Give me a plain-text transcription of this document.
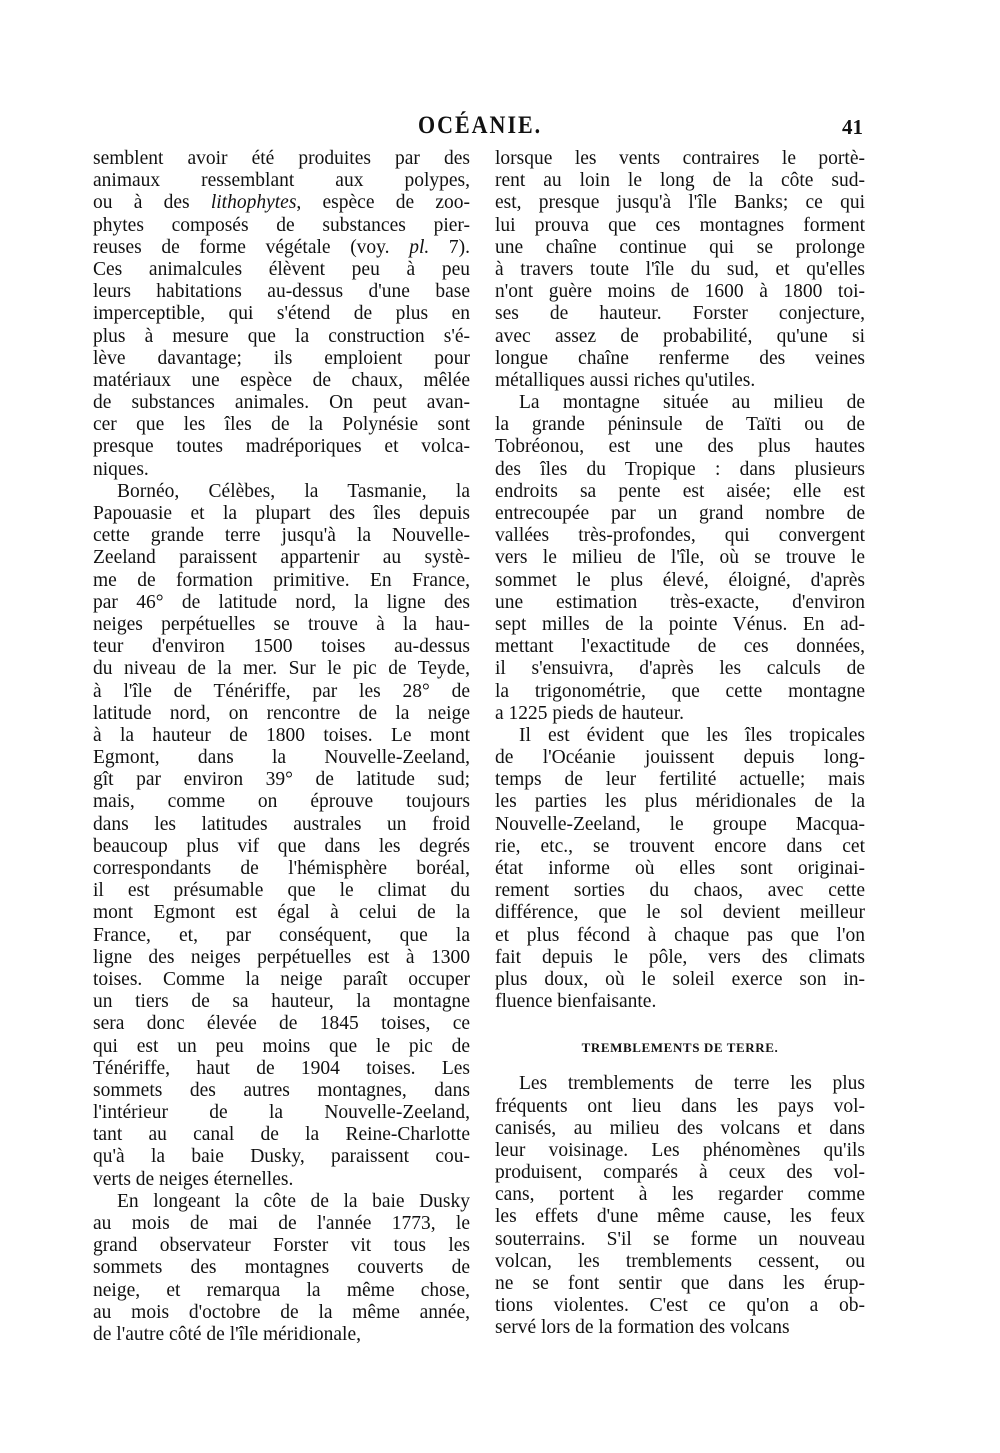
OCÉANIE.	41
semblent avoir été produites par des
animaux ressemblant aux polypes,
ou à des lithophytes, espèce de zoo-
phytes composés de substances pier-
reuses de forme végétale (voy. pl. 7).
Ces animalcules élèvent peu à peu
leurs habitations au-dessus d'une base
imperceptible, qui s'étend de plus en
plus à mesure que la construction s'é-
lève davantage; ils emploient pour
matériaux une espèce de chaux, mêlée
de substances animales. On peut avan-
cer que les îles de la Polynésie sont
presque toutes madréporiques et volca-
niques.
Bornéo, Célèbes, la Tasmanie, la
Papouasie et la plupart des îles depuis
cette grande terre jusqu'à la Nouvelle-
Zeeland paraissent appartenir au systè-
me de formation primitive. En France,
par 46° de latitude nord, la ligne des
neiges perpétuelles se trouve à la hau-
teur d'environ 1500 toises au-dessus
du niveau de la mer. Sur le pic de Teyde,
à l'île de Ténériffe, par les 28° de
latitude nord, on rencontre de la neige
à la hauteur de 1800 toises. Le mont
Egmont, dans la Nouvelle-Zeeland,
gît par environ 39° de latitude sud;
mais, comme on éprouve toujours
dans les latitudes australes un froid
beaucoup plus vif que dans les degrés
correspondants de l'hémisphère boréal,
il est présumable que le climat du
mont Egmont est égal à celui de la
France, et, par conséquent, que la
ligne des neiges perpétuelles est à 1300
toises. Comme la neige paraît occuper
un tiers de sa hauteur, la montagne
sera donc élevée de 1845 toises, ce
qui est un peu moins que le pic de
Ténériffe, haut de 1904 toises. Les
sommets des autres montagnes, dans
l'intérieur de la Nouvelle-Zeeland,
tant au canal de la Reine-Charlotte
qu'à la baie Dusky, paraissent cou-
verts de neiges éternelles.
En longeant la côte de la baie Dusky
au mois de mai de l'année 1773, le
grand observateur Forster vit tous les
sommets des montagnes couverts de
neige, et remarqua la même chose,
au mois d'octobre de la même année,
de l'autre côté de l'île méridionale,
lorsque les vents contraires le portè-
rent au loin le long de la côte sud-
est, presque jusqu'à l'île Banks; ce qui
lui prouva que ces montagnes forment
une chaîne continue qui se prolonge
à travers toute l'île du sud, et qu'elles
n'ont guère moins de 1600 à 1800 toi-
ses de hauteur. Forster conjecture,
avec assez de probabilité, qu'une si
longue chaîne renferme des veines
métalliques aussi riches qu'utiles.
La montagne située au milieu de
la grande péninsule de Taïti ou de
Tobréonou, est une des plus hautes
des îles du Tropique : dans plusieurs
endroits sa pente est aisée; elle est
entrecoupée par un grand nombre de
vallées très-profondes, qui convergent
vers le milieu de l'île, où se trouve le
sommet le plus élevé, éloigné, d'après
une estimation très-exacte, d'environ
sept milles de la pointe Vénus. En ad-
mettant l'exactitude de ces données,
il s'ensuivra, d'après les calculs de
la trigonométrie, que cette montagne
a 1225 pieds de hauteur.
Il est évident que les îles tropicales
de l'Océanie jouissent depuis long-
temps de leur fertilité actuelle; mais
les parties les plus méridionales de la
Nouvelle-Zeeland, le groupe Macqua-
rie, etc., se trouvent encore dans cet
état informe où elles sont originai-
rement sorties du chaos, avec cette
différence, que le sol devient meilleur
et plus fécond à chaque pas que l'on
fait depuis le pôle, vers des climats
plus doux, où le soleil exerce son in-
fluence bienfaisante.
TREMBLEMENTS DE TERRE.
Les tremblements de terre les plus
fréquents ont lieu dans les pays vol-
canisés, au milieu des volcans et dans
leur voisinage. Les phénomènes qu'ils
produisent, comparés à ceux des vol-
cans, portent à les regarder comme
les effets d'une même cause, les feux
souterrains. S'il se forme un nouveau
volcan, les tremblements cessent, ou
ne se font sentir que dans les érup-
tions violentes. C'est ce qu'on a ob-
servé lors de la formation des volcans
